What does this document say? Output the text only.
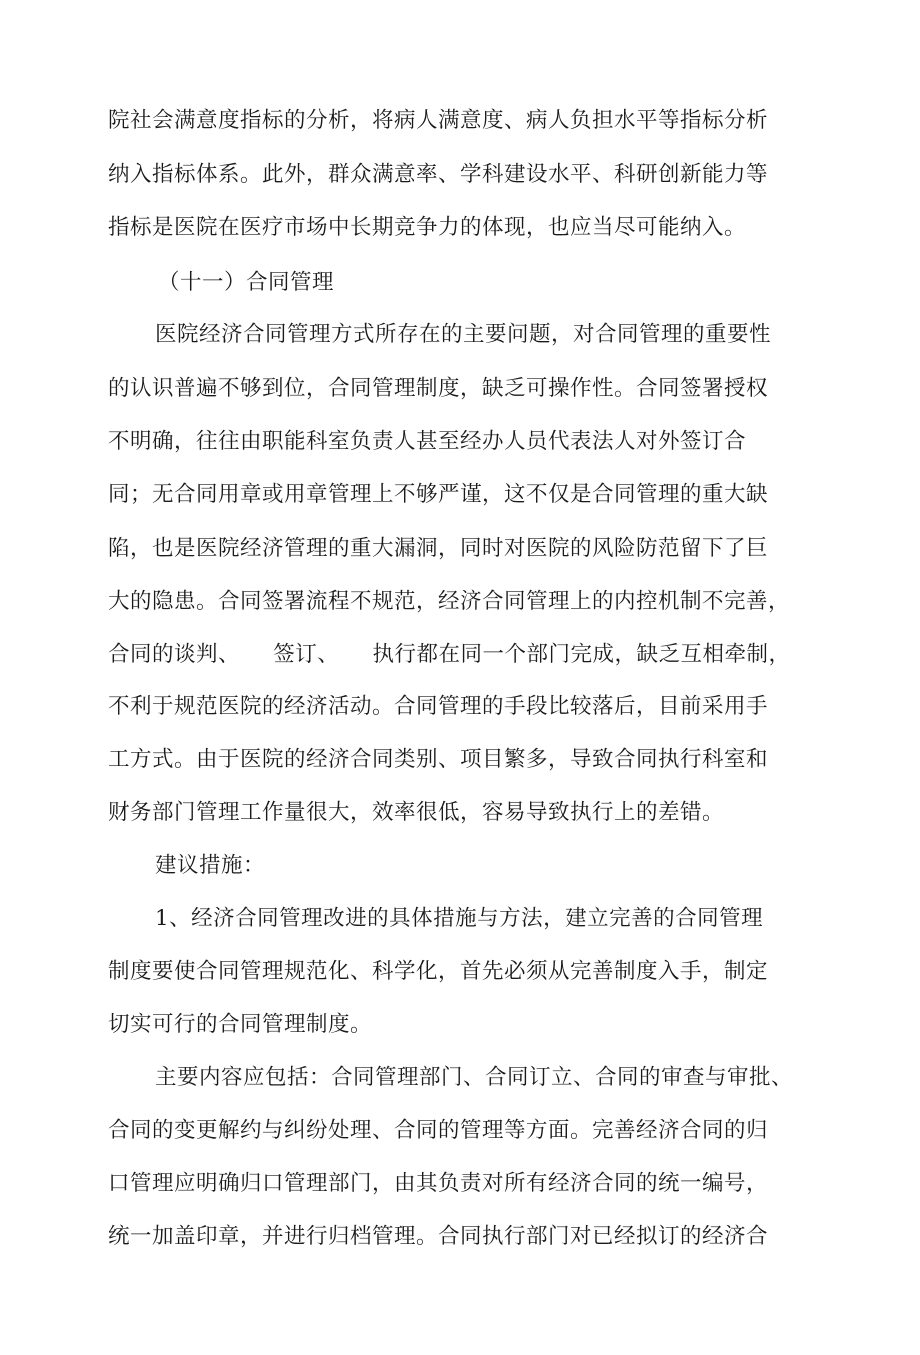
院社会满意度指标的分析，将病人满意度、病人负担水平等指标分析
纳入指标体系。此外，群众满意率、学科建设水平、科研创新能力等
指标是医院在医疗市场中长期竞争力的体现，也应当尽可能纳入。
（十一）合同管理
医院经济合同管理方式所存在的主要问题，对合同管理的重要性
的认识普遍不够到位，合同管理制度，缺乏可操作性。合同签署授权
不明确，往往由职能科室负责人甚至经办人员代表法人对外签订合
同；无合同用章或用章管理上不够严谨，这不仅是合同管理的重大缺
陷，也是医院经济管理的重大漏洞，同时对医院的风险防范留下了巨
大的隐患。合同签署流程不规范，经济合同管理上的内控机制不完善，
合同的谈判、　　签订、　　执行都在同一个部门完成，缺乏互相牵制，
不利于规范医院的经济活动。合同管理的手段比较落后，目前采用手
工方式。由于医院的经济合同类别、项目繁多，导致合同执行科室和
财务部门管理工作量很大，效率很低，容易导致执行上的差错。
建议措施：
1、经济合同管理改进的具体措施与方法，建立完善的合同管理
制度要使合同管理规范化、科学化，首先必须从完善制度入手，制定
切实可行的合同管理制度。
主要内容应包括：合同管理部门、合同订立、合同的审查与审批、
合同的变更解约与纠纷处理、合同的管理等方面。完善经济合同的归
口管理应明确归口管理部门，由其负责对所有经济合同的统一编号，
统一加盖印章，并进行归档管理。合同执行部门对已经拟订的经济合
